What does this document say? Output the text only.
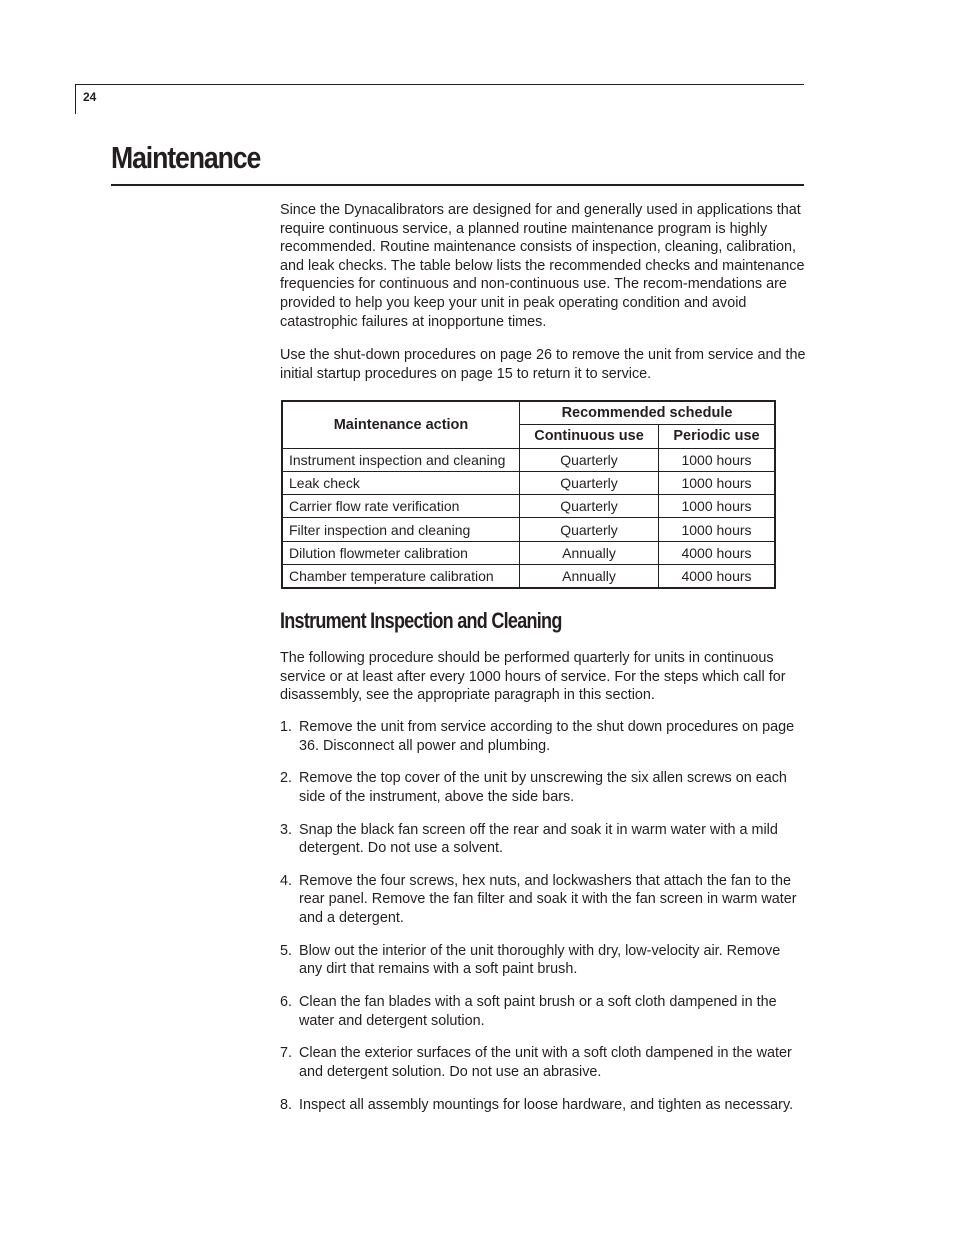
24
Maintenance

Since the Dynacalibrators are designed for and generally used in applications that require continuous service, a planned routine maintenance program is highly recommended. Routine maintenance consists of inspection, cleaning, calibration, and leak checks. The table below lists the recommended checks and maintenance frequencies for continuous and non-continuous use. The recom-mendations are provided to help you keep your unit in peak operating condition and avoid catastrophic failures at inopportune times.

Use the shut-down procedures on page 26 to remove the unit from service and the initial startup procedures on page 15 to return it to service.

Maintenance action	Recommended schedule	
	Continuous use	Periodic use
Instrument inspection and cleaning	Quarterly	1000 hours
Leak check	Quarterly	1000 hours
Carrier flow rate verification	Quarterly	1000 hours
Filter inspection and cleaning	Quarterly	1000 hours
Dilution flowmeter calibration	Annually	4000 hours
Chamber temperature calibration	Annually	4000 hours
Instrument Inspection and Cleaning

The following procedure should be performed quarterly for units in continuous service or at least after every 1000 hours of service. For the steps which call for disassembly, see the appropriate paragraph in this section.

1. Remove the unit from service according to the shut down procedures on page 36. Disconnect all power and plumbing.
2. Remove the top cover of the unit by unscrewing the six allen screws on each side of the instrument, above the side bars.
3. Snap the black fan screen off the rear and soak it in warm water with a mild detergent. Do not use a solvent.
4. Remove the four screws, hex nuts, and lockwashers that attach the fan to the rear panel. Remove the fan filter and soak it with the fan screen in warm water and a detergent.
5. Blow out the interior of the unit thoroughly with dry, low-velocity air. Remove any dirt that remains with a soft paint brush.
6. Clean the fan blades with a soft paint brush or a soft cloth dampened in the water and detergent solution.
7. Clean the exterior surfaces of the unit with a soft cloth dampened in the water and detergent solution. Do not use an abrasive.
8. Inspect all assembly mountings for loose hardware, and tighten as necessary.
